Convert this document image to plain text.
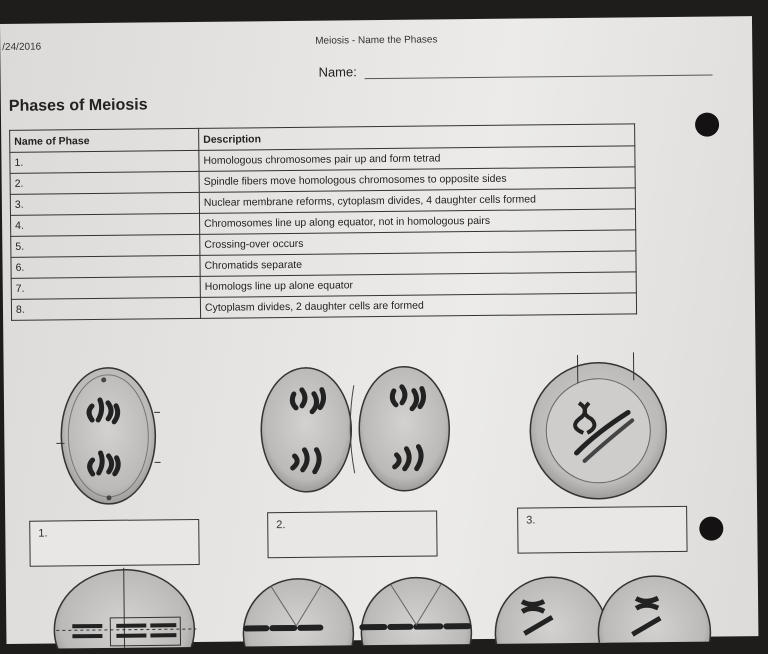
/24/2016
Meiosis - Name the Phases
Name:
Phases of Meiosis
Name of Phase	Description
1.	Homologous chromosomes pair up and form tetrad
2.	Spindle fibers move homologous chromosomes to opposite sides
3.	Nuclear membrane reforms, cytoplasm divides, 4 daughter cells formed
4.	Chromosomes line up along equator, not in homologous pairs
5.	Crossing-over occurs
6.	Chromatids separate
7.	Homologs line up alone equator
8.	Cytoplasm divides, 2 daughter cells are formed
1.
2.	3.
